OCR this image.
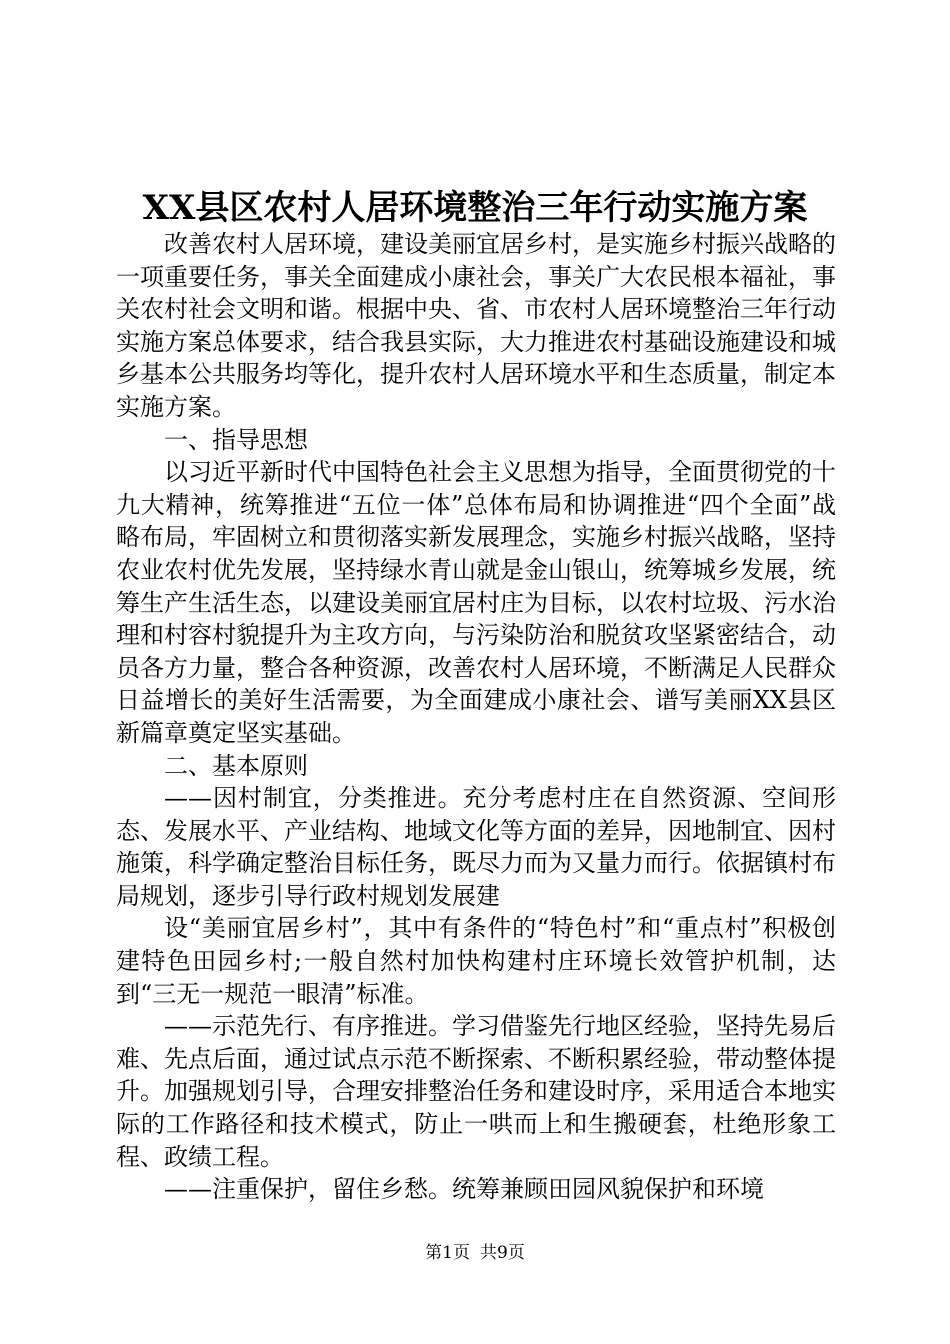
XX县区农村人居环境整治三年行动实施方案

改善农村人居环境，建设美丽宜居乡村，是实施乡村振兴战略的一项重要任务，事关全面建成小康社会，事关广大农民根本福祉，事关农村社会文明和谐。根据中央、省、市农村人居环境整治三年行动实施方案总体要求，结合我县实际，大力推进农村基础设施建设和城乡基本公共服务均等化，提升农村人居环境水平和生态质量，制定本实施方案。

一、指导思想

以习近平新时代中国特色社会主义思想为指导，全面贯彻党的十九大精神，统筹推进“五位一体”总体布局和协调推进“四个全面”战略布局，牢固树立和贯彻落实新发展理念，实施乡村振兴战略，坚持农业农村优先发展，坚持绿水青山就是金山银山，统筹城乡发展，统筹生产生活生态，以建设美丽宜居村庄为目标，以农村垃圾、污水治理和村容村貌提升为主攻方向，与污染防治和脱贫攻坚紧密结合，动员各方力量，整合各种资源，改善农村人居环境，不断满足人民群众日益增长的美好生活需要，为全面建成小康社会、谱写美丽XX县区新篇章奠定坚实基础。

二、基本原则

——因村制宜，分类推进。充分考虑村庄在自然资源、空间形态、发展水平、产业结构、地域文化等方面的差异，因地制宜、因村施策，科学确定整治目标任务，既尽力而为又量力而行。依据镇村布局规划，逐步引导行政村规划发展建

设“美丽宜居乡村”，其中有条件的“特色村”和“重点村”积极创建特色田园乡村;一般自然村加快构建村庄环境长效管护机制，达到“三无一规范一眼清”标准。

——示范先行、有序推进。学习借鉴先行地区经验，坚持先易后难、先点后面，通过试点示范不断探索、不断积累经验，带动整体提升。加强规划引导，合理安排整治任务和建设时序，采用适合本地实际的工作路径和技术模式，防止一哄而上和生搬硬套，杜绝形象工程、政绩工程。

——注重保护，留住乡愁。统筹兼顾田园风貌保护和环境

第1页 共9页
